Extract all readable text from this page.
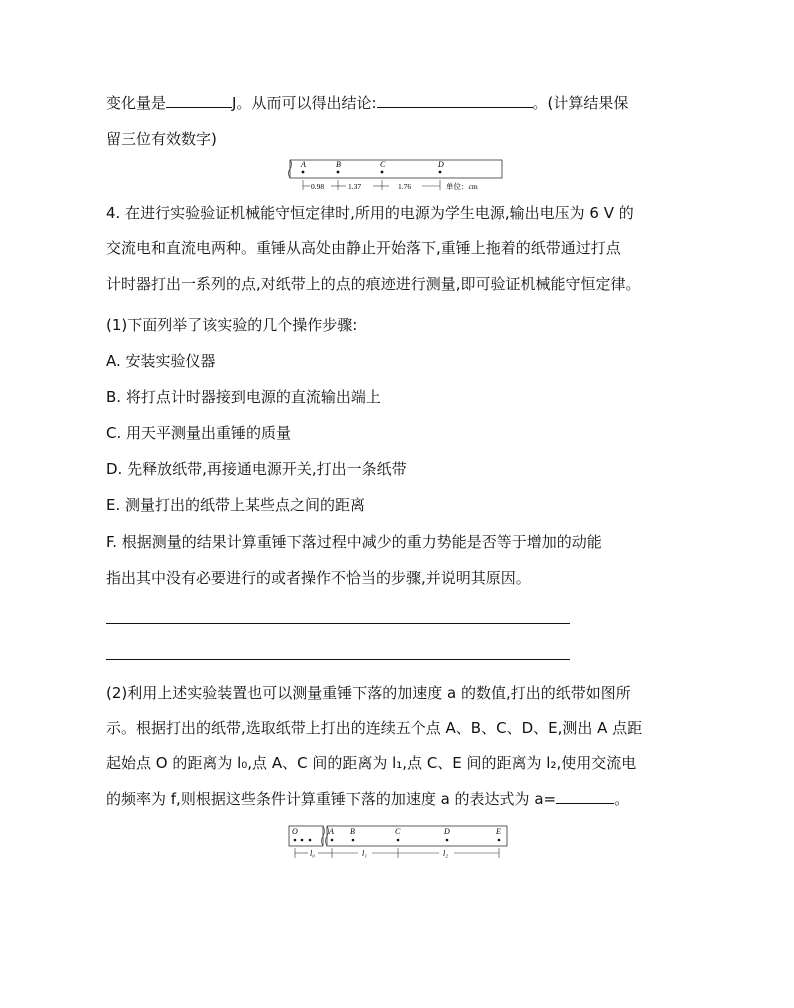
变化量是	J。从而可以得出结论:	。(计算结果保
留三位有效数字)
A	B	C	D
0.98	1.37	1.76	单位：cm
4. 在进行实验验证机械能守恒定律时,所用的电源为学生电源,输出电压为 6 V 的
交流电和直流电两种。重锤从高处由静止开始落下,重锤上拖着的纸带通过打点
计时器打出一系列的点,对纸带上的点的痕迹进行测量,即可验证机械能守恒定律。
(1)下面列举了该实验的几个操作步骤:
A. 安装实验仪器
B. 将打点计时器接到电源的直流输出端上
C. 用天平测量出重锤的质量
D. 先释放纸带,再接通电源开关,打出一条纸带
E. 测量打出的纸带上某些点之间的距离
F. 根据测量的结果计算重锤下落过程中减少的重力势能是否等于增加的动能
指出其中没有必要进行的或者操作不恰当的步骤,并说明其原因。
(2)利用上述实验装置也可以测量重锤下落的加速度 a 的数值,打出的纸带如图所
示。根据打出的纸带,选取纸带上打出的连续五个点 A、B、C、D、E,测出 A 点距
起始点 O 的距离为 l₀,点 A、C 间的距离为 l₁,点 C、E 间的距离为 l₂,使用交流电
的频率为 f,则根据这些条件计算重锤下落的加速度 a 的表达式为 a=	。
O	A B	C	D	E
l₀	l₁	l₂
